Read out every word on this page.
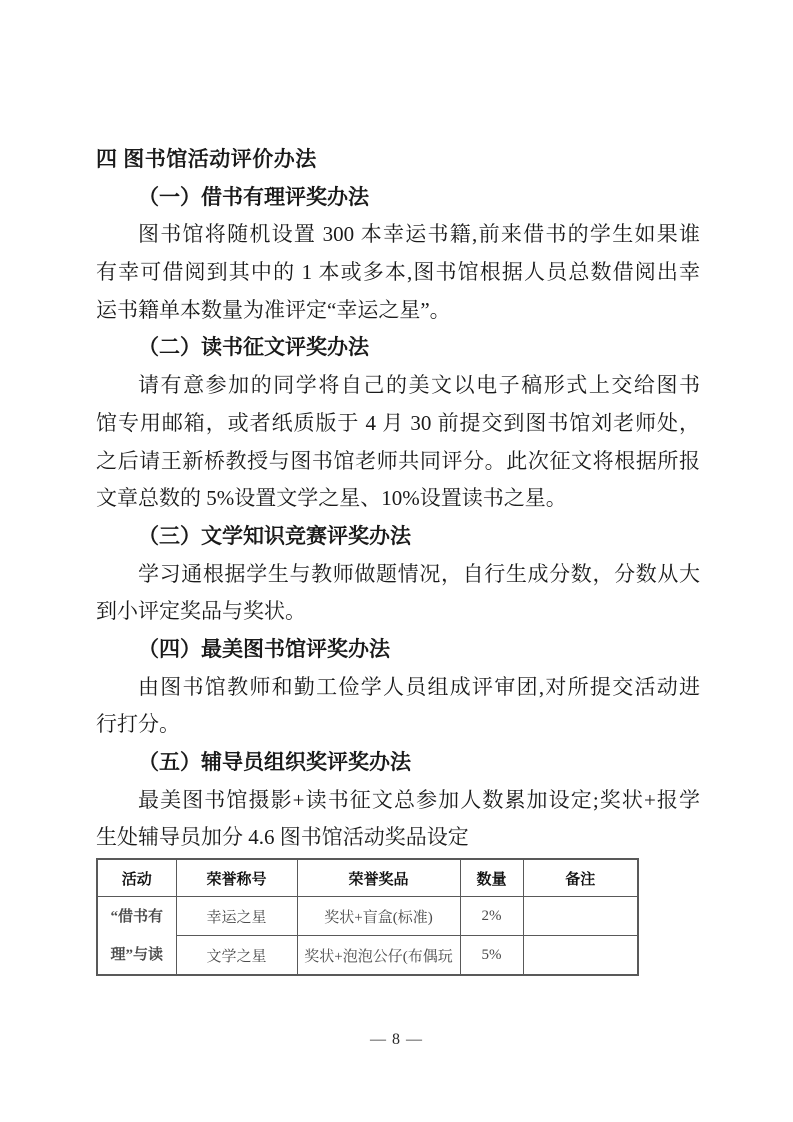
四 图书馆活动评价办法
（一）借书有理评奖办法
图书馆将随机设置 300 本幸运书籍,前来借书的学生如果谁
有幸可借阅到其中的 1 本或多本,图书馆根据人员总数借阅出幸
运书籍单本数量为准评定“幸运之星”。
（二）读书征文评奖办法
请有意参加的同学将自己的美文以电子稿形式上交给图书
馆专用邮箱，或者纸质版于 4 月 30 前提交到图书馆刘老师处，
之后请王新桥教授与图书馆老师共同评分。此次征文将根据所报
文章总数的 5%设置文学之星、10%设置读书之星。
（三）文学知识竞赛评奖办法
学习通根据学生与教师做题情况，自行生成分数，分数从大
到小评定奖品与奖状。
（四）最美图书馆评奖办法
由图书馆教师和勤工俭学人员组成评审团,对所提交活动进
行打分。
（五）辅导员组织奖评奖办法
最美图书馆摄影+读书征文总参加人数累加设定;奖状+报学
生处辅导员加分 4.6 图书馆活动奖品设定
活动	荣誉称号	荣誉奖品	数量	备注

“借书有
理”与读	幸运之星	奖状+盲盒(标准)	2%	
	文学之星	奖状+泡泡公仔(布偶玩	5%	
— 8 —
